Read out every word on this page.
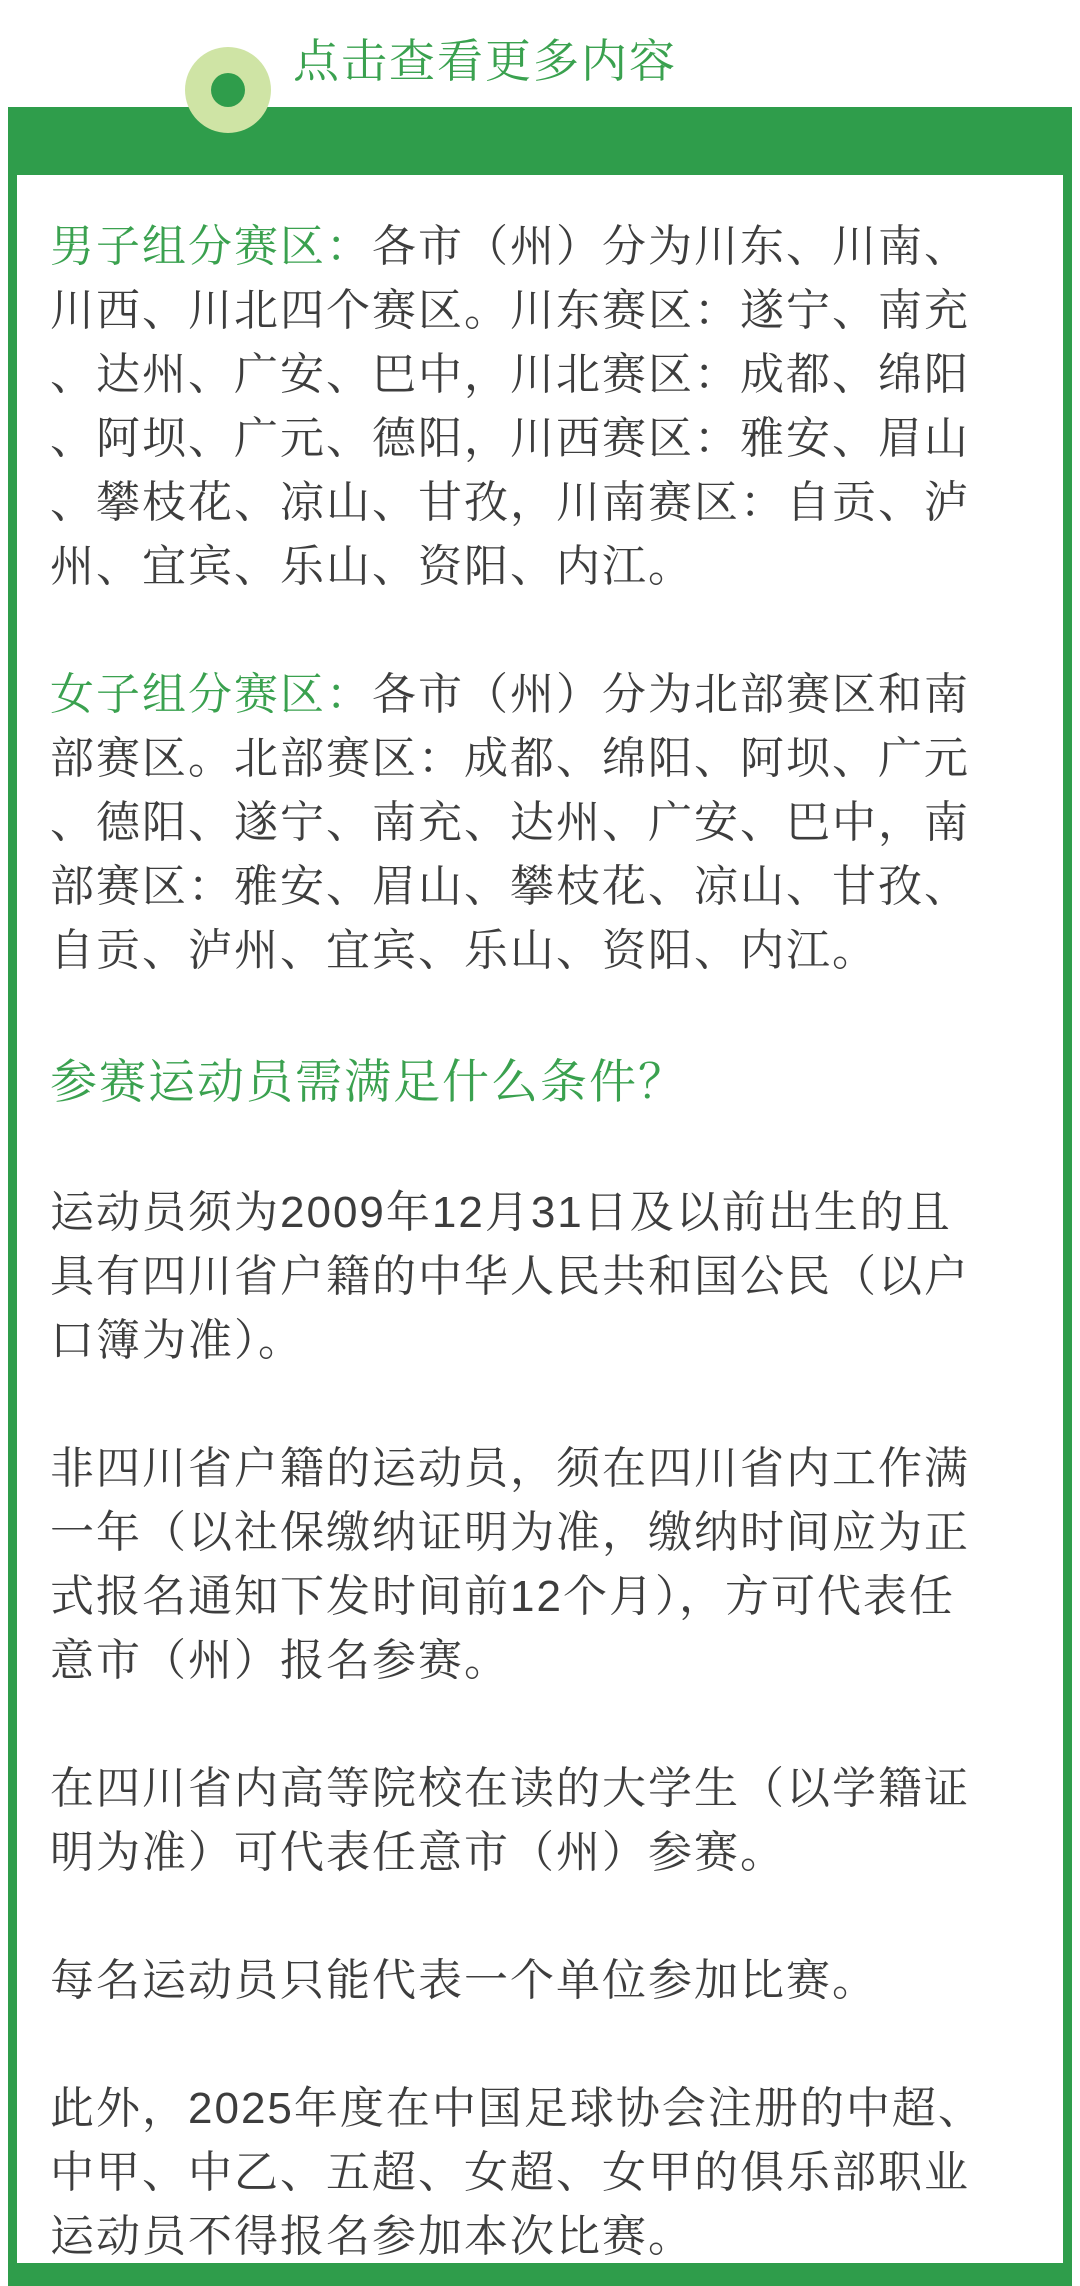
点击查看更多内容
男子组分赛区：各市（州）分为川东、川南、
川西、川北四个赛区。川东赛区：遂宁、南充
、达州、广安、巴中，川北赛区：成都、绵阳
、阿坝、广元、德阳，川西赛区：雅安、眉山
、攀枝花、凉山、甘孜，川南赛区：自贡、泸
州、宜宾、乐山、资阳、内江。
女子组分赛区：各市（州）分为北部赛区和南
部赛区。北部赛区：成都、绵阳、阿坝、广元
、德阳、遂宁、南充、达州、广安、巴中，南
部赛区：雅安、眉山、攀枝花、凉山、甘孜、
自贡、泸州、宜宾、乐山、资阳、内江。
参赛运动员需满足什么条件？
运动员须为2009年12月31日及以前出生的且
具有四川省户籍的中华人民共和国公民（以户
口簿为准）。
非四川省户籍的运动员，须在四川省内工作满
一年（以社保缴纳证明为准，缴纳时间应为正
式报名通知下发时间前12个月），方可代表任
意市（州）报名参赛。
在四川省内高等院校在读的大学生（以学籍证
明为准）可代表任意市（州）参赛。
每名运动员只能代表一个单位参加比赛。
此外，2025年度在中国足球协会注册的中超、
中甲、中乙、五超、女超、女甲的俱乐部职业
运动员不得报名参加本次比赛。
